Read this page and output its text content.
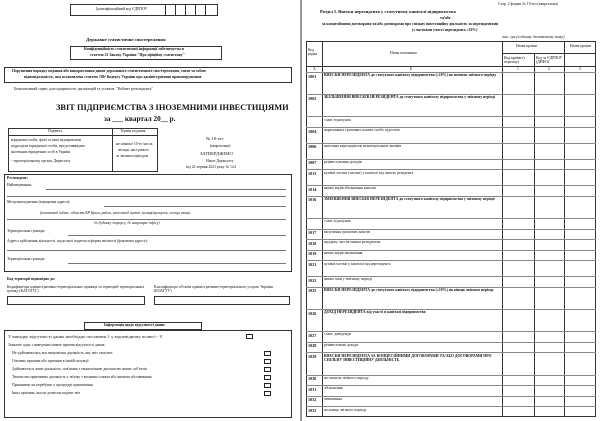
Ідентифікаційний код ЄДРПОУ
Державне статистичне спостереження
Конфіденційність статистичної інформації забезпечується
статтею 21 Закону України "Про офіційну статистику"
Порушення порядку подання або використання даних державного статистичного спостереження, тягне за собою
відповідальність, яка встановлена статтею 186³ Кодексу України про адміністративні правопорушення
Безкоштовний сервіс для підприємств, організацій та установ: "Кабінет респондента"
ЗВІТ ПІДПРИЄМСТВА З ІНОЗЕМНИМИ ІНВЕСТИЦІЯМИ
за ___ квартал 20__ р.
Подають	Термін подання
юридичні особи, філії та інші відокремлені
підрозділи юридичної особи, представництва
іноземних юридичних осіб в Україні
- територіальному органу Держстату
не пізніше 10-го числа
місяця, наступного
за звітним періодом
№ 10-зез
(квартальна)
ЗАТВЕРДЖЕНО
Наказ Держстату
від 22 червня 2021 року № 124
Респондент:
Найменування:
Місцезнаходження (юридична адреса):
(поштовий індекс, область/АР Крим, район, населений пункт, вулиця/провулок, площа тощо,
№ будинку /корпусу, № квартири /офісу)
Територіальна громада:
Адреса здійснення діяльності, щодо якої подається форма звітності (фактична адреса):
Територіальна громада:
Код території відповідно до:
Кодифікатора адміністративно-територіальних одиниць та територій територіальних громад (КАТОТТГ)
Класифікатора об'єктів адміністративно-територіального устрою України (КОАТУУ)
Інформація щодо відсутності даних
У випадку відсутності даних необхідно поставити 1 у відповідному полюсі - V
Зазначте одну з наведених нижче причин відсутності даних:
Не здійснювалась вся економічна діяльність, яку звіт охоплює
Основна причина або причини в іншій ситуації
Здійснюється лише діяльність, пов'язана з економічною діяльністю інших суб'єктів
Тимчасово припинено діяльність у зв'язку з воєнним станом або іншими обставинами
Припинено чи перебуває у процедурі припинення
Інша причина, яка не дозволяє надати звіт
Стор. 2 форми № 10-зез (квартальна)
Розділ I. Внески нерезидента у статутному капіталі підприємства
та/або
за концесійними договорами та/або договорами про спільну інвестиційну діяльність за нерезидентами
(з частками участі нерезидента ≥10%)
тис. грн (в одному десятковому знаку)
Код рядка	Назва показника
Назва країни	Назва країни
Код країни (з перелiку)
Код за ЄДРПОУ (ДРФО)
А	Б	1	2	3
1001 ВНЕСКИ НЕРЕЗИДЕНТА до статутного капіталу підприємства (≥10%) на початок звітного періоду
1002 ЗБІЛЬШЕННЯ ВНЕСКІВ НЕРЕЗИДЕНТА до статутного капіталу підприємства у звітному періоді
з них за рахунок:
1004 нарахованих грошових коштів та/або відсотків
1006 внесення нерезидентом нематеріальних активів
1007 реінвестування доходів
1013 купівлі частки (частки) у капіталі від іншого резидента
1014 інших видів збільшення внесків
1016 ЗМЕНШЕННЯ ВНЕСКІВ НЕРЕЗИДЕНТА до статутного капіталу підприємства у звітному періоді
з них за рахунок:
1017 вилучення грошових коштів
1018 продажу часток іншим резидентам
1019 інших видів зменшення
1021 купівлі частки у капіталі від нерезидента
1023 інших змін у звітному періоді
1025 ВНЕСКИ НЕРЕЗИДЕНТА до статутного капіталу підприємства (≥10%) на кінець звітного періоду
1026 ДОХІД НЕРЕЗИДЕНТА від участі в капіталі підприємства
1027 з них: дивіденди
1028 реінвестовані доходи
1029 ВНЕСКИ НЕРЕЗИДЕНТА ЗА КОНЦЕСІЙНИМИ ДОГОВОРАМИ ТА/АБО ДОГОВОРАМИ ПРО СПІЛЬНУ ІНВЕСТИЦІЙНУ ДІЯЛЬНІСТЬ
1030 на початок звітного періоду
1031 збільшення
1032 зменшення
1033 на кінець звітного періоду
